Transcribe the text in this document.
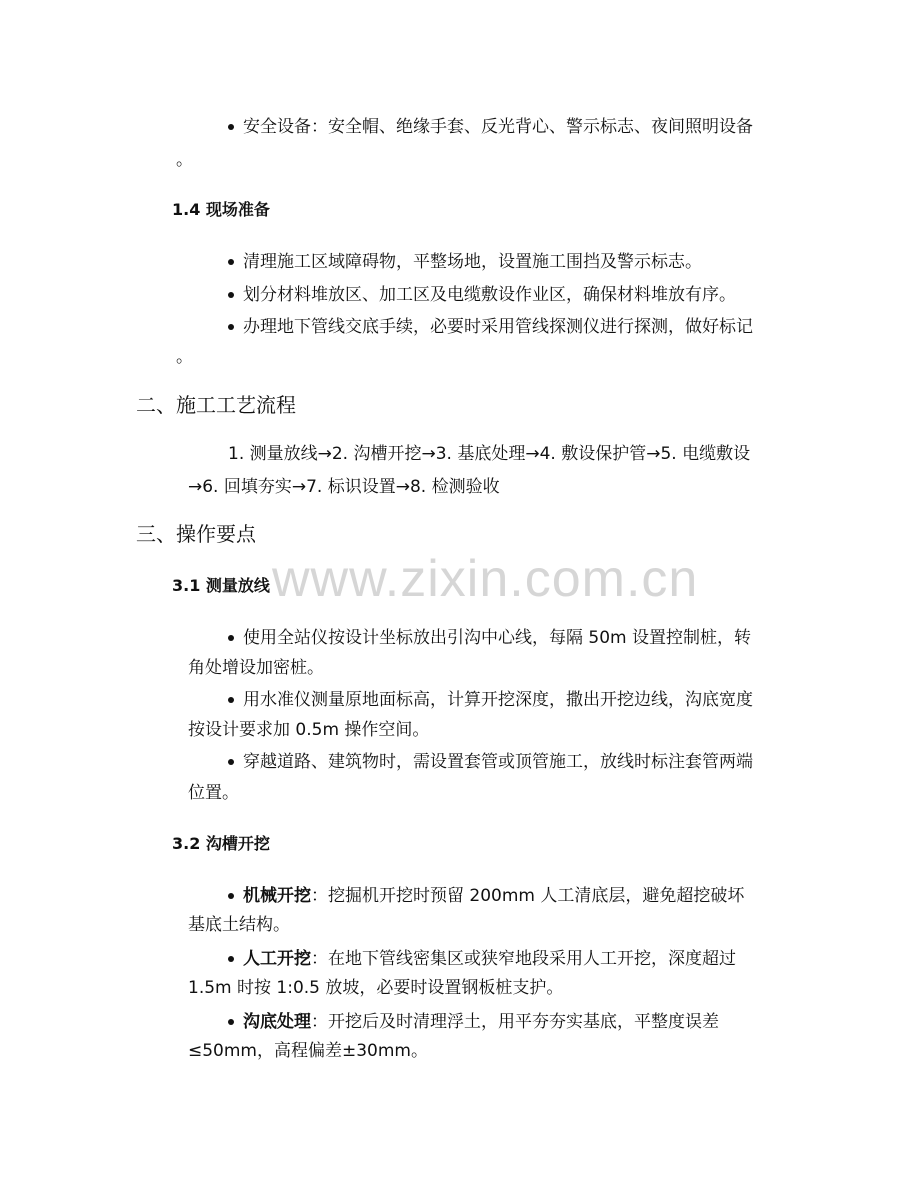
www.zixin.com.cn
安全设备：安全帽、绝缘手套、反光背心、警示标志、夜间照明设备
。
1.4 现场准备
清理施工区域障碍物，平整场地，设置施工围挡及警示标志。
划分材料堆放区、加工区及电缆敷设作业区，确保材料堆放有序。
办理地下管线交底手续，必要时采用管线探测仪进行探测，做好标记
。
二、施工工艺流程
1. 测量放线→2. 沟槽开挖→3. 基底处理→4. 敷设保护管→5. 电缆敷设
→6. 回填夯实→7. 标识设置→8. 检测验收
三、操作要点
3.1 测量放线
使用全站仪按设计坐标放出引沟中心线，每隔 50m 设置控制桩，转
角处增设加密桩。
用水准仪测量原地面标高，计算开挖深度，撒出开挖边线，沟底宽度
按设计要求加 0.5m 操作空间。
穿越道路、建筑物时，需设置套管或顶管施工，放线时标注套管两端
位置。
3.2 沟槽开挖
机械开挖：挖掘机开挖时预留 200mm 人工清底层，避免超挖破坏
基底土结构。
人工开挖：在地下管线密集区或狭窄地段采用人工开挖，深度超过
1.5m 时按 1:0.5 放坡，必要时设置钢板桩支护。
沟底处理：开挖后及时清理浮土，用平夯夯实基底，平整度误差
≤50mm，高程偏差±30mm。
